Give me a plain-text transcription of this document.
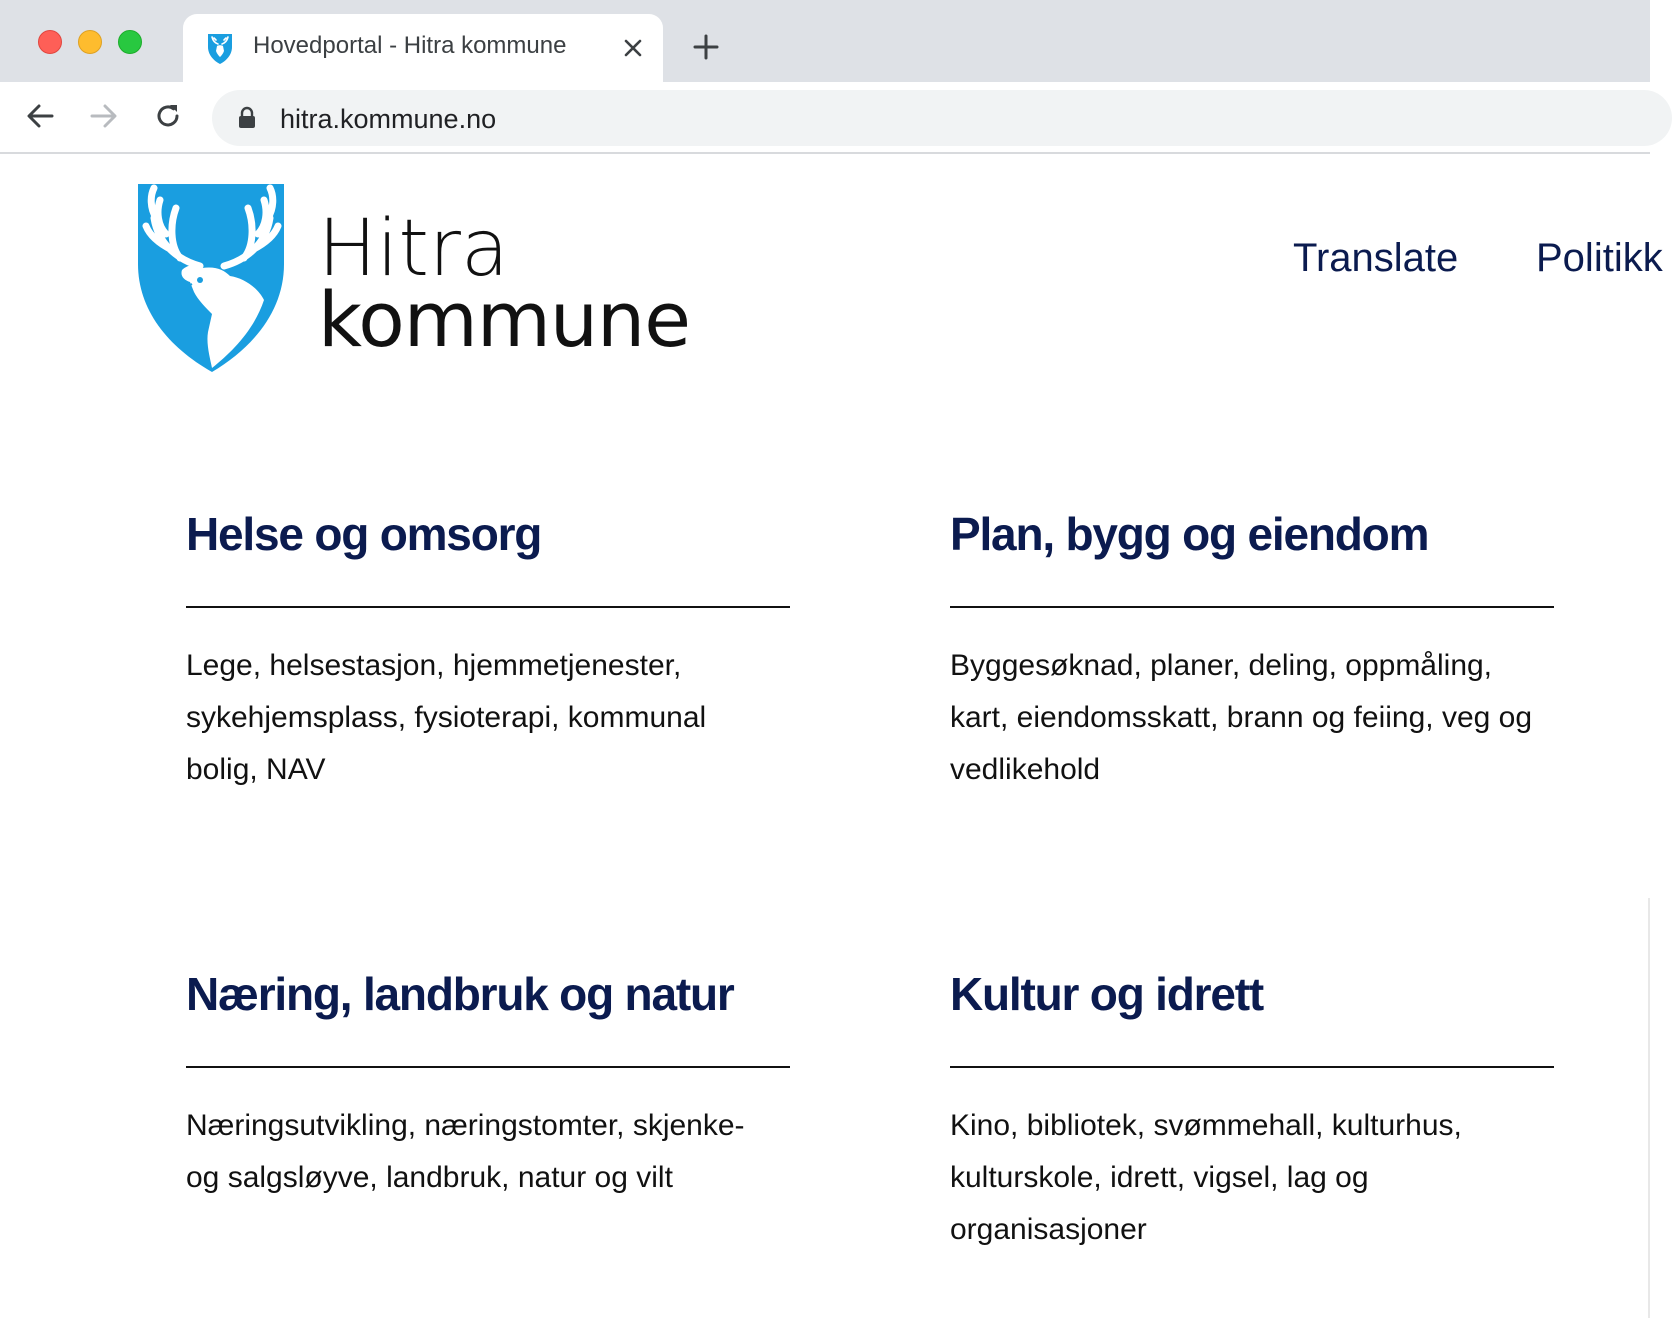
Hovedportal - Hitra kommune
hitra.kommune.no
Hitra
kommune
Translate Politikk
Helse og omsorg
Lege, helsestasjon, hjemmetjenester, sykehjemsplass, fysioterapi, kommunal bolig, NAV
Plan, bygg og eiendom
Byggesøknad, planer, deling, oppmåling, kart, eiendomsskatt, brann og feiing, veg og vedlikehold
Næring, landbruk og natur
Næringsutvikling, næringstomter, skjenke- og salgsløyve, landbruk, natur og vilt
Kultur og idrett
Kino, bibliotek, svømmehall, kulturhus, kulturskole, idrett, vigsel, lag og organisasjoner
